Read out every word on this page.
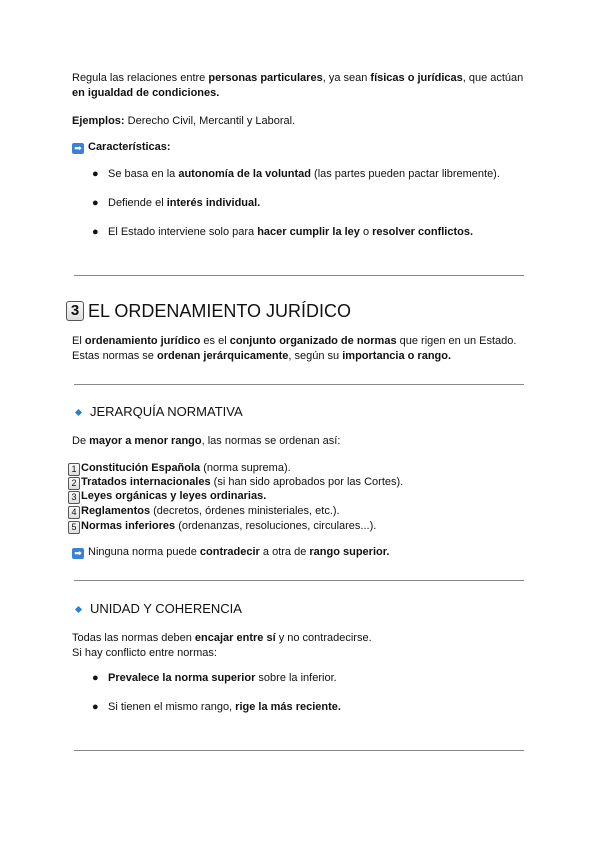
Regula las relaciones entre personas particulares, ya sean físicas o jurídicas, que actúan
en igualdad de condiciones.
Ejemplos: Derecho Civil, Mercantil y Laboral.
➡ Características:
● Se basa en la autonomía de la voluntad (las partes pueden pactar libremente).
● Defiende el interés individual.
● El Estado interviene solo para hacer cumplir la ley o resolver conflictos.
3 EL ORDENAMIENTO JURÍDICO
El ordenamiento jurídico es el conjunto organizado de normas que rigen en un Estado.
Estas normas se ordenan jerárquicamente, según su importancia o rango.
JERARQUÍA NORMATIVA
De mayor a menor rango, las normas se ordenan así:
1 Constitución Española (norma suprema).
2 Tratados internacionales (si han sido aprobados por las Cortes).
3 Leyes orgánicas y leyes ordinarias.
4 Reglamentos (decretos, órdenes ministeriales, etc.).
5 Normas inferiores (ordenanzas, resoluciones, circulares...).
➡ Ninguna norma puede contradecir a otra de rango superior.
UNIDAD Y COHERENCIA
Todas las normas deben encajar entre sí y no contradecirse.
Si hay conflicto entre normas:
● Prevalece la norma superior sobre la inferior.
● Si tienen el mismo rango, rige la más reciente.
